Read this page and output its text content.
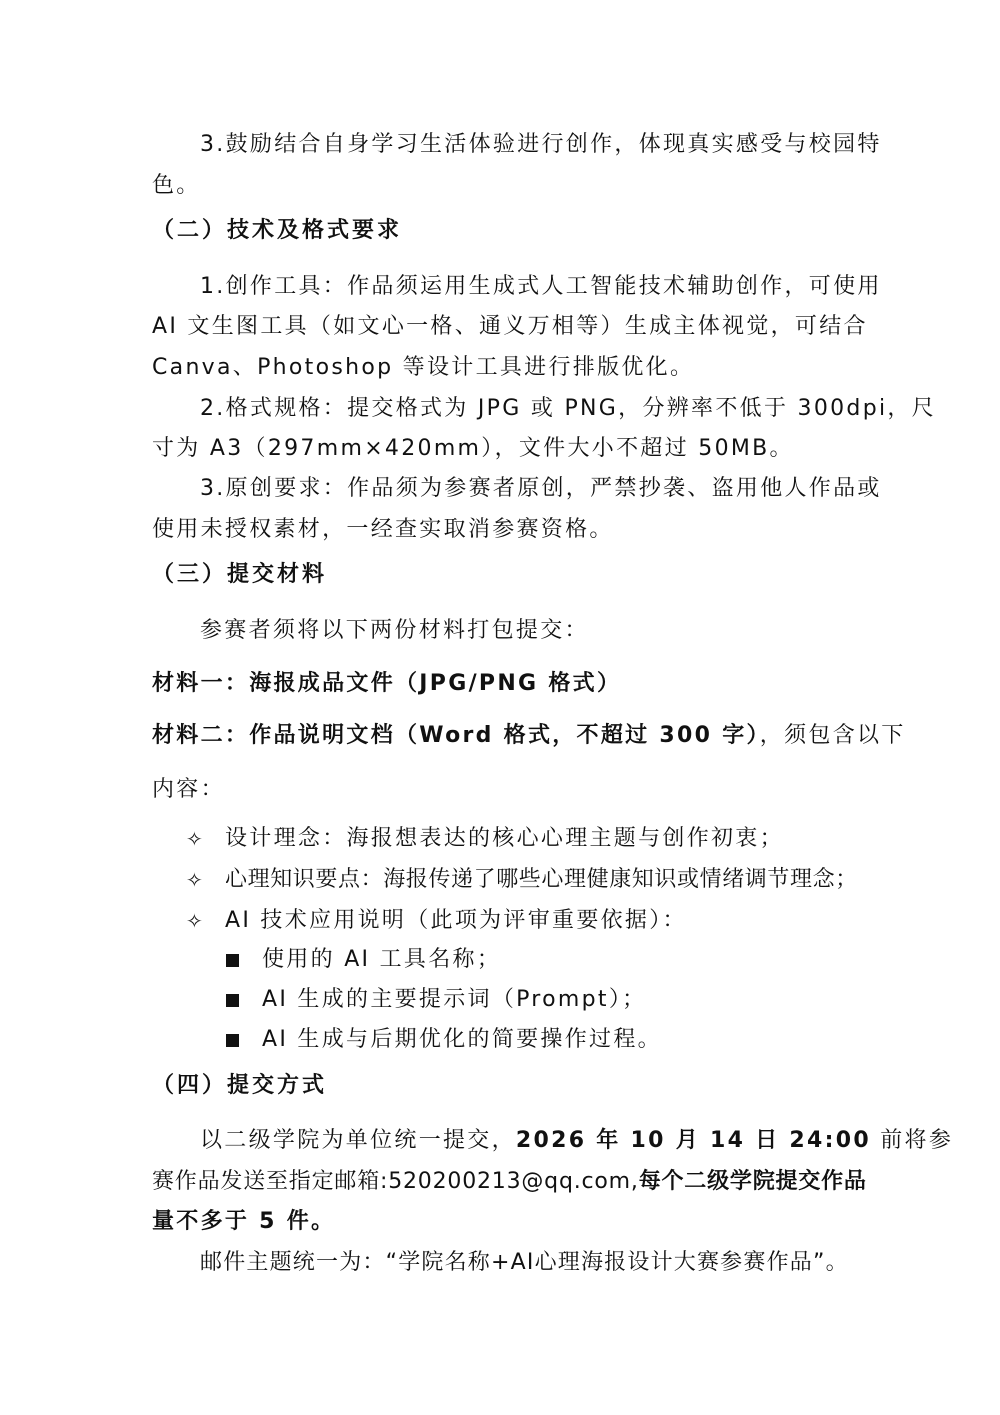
3.鼓励结合自身学习生活体验进行创作，体现真实感受与校园特
色。
（二）技术及格式要求
1.创作工具：作品须运用生成式人工智能技术辅助创作，可使用
AI 文生图工具（如文心一格、通义万相等）生成主体视觉，可结合
Canva、Photoshop 等设计工具进行排版优化。
2.格式规格：提交格式为 JPG 或 PNG，分辨率不低于 300dpi，尺
寸为 A3（297mm×420mm），文件大小不超过 50MB。
3.原创要求：作品须为参赛者原创，严禁抄袭、盗用他人作品或
使用未授权素材，一经查实取消参赛资格。
（三）提交材料
参赛者须将以下两份材料打包提交：
材料一：海报成品文件（JPG/PNG 格式）
材料二：作品说明文档（Word 格式，不超过 300 字），须包含以下
内容：
✧ 设计理念：海报想表达的核心心理主题与创作初衷；
✧ 心理知识要点：海报传递了哪些心理健康知识或情绪调节理念；
✧ AI 技术应用说明（此项为评审重要依据）：
使用的 AI 工具名称；
AI 生成的主要提示词（Prompt）；
AI 生成与后期优化的简要操作过程。
（四）提交方式
以二级学院为单位统一提交，2026 年 10 月 14 日 24:00 前将参
赛作品发送至指定邮箱:520200213@qq.com,每个二级学院提交作品
量不多于 5 件。
邮件主题统一为：“学院名称+AI心理海报设计大赛参赛作品”。
